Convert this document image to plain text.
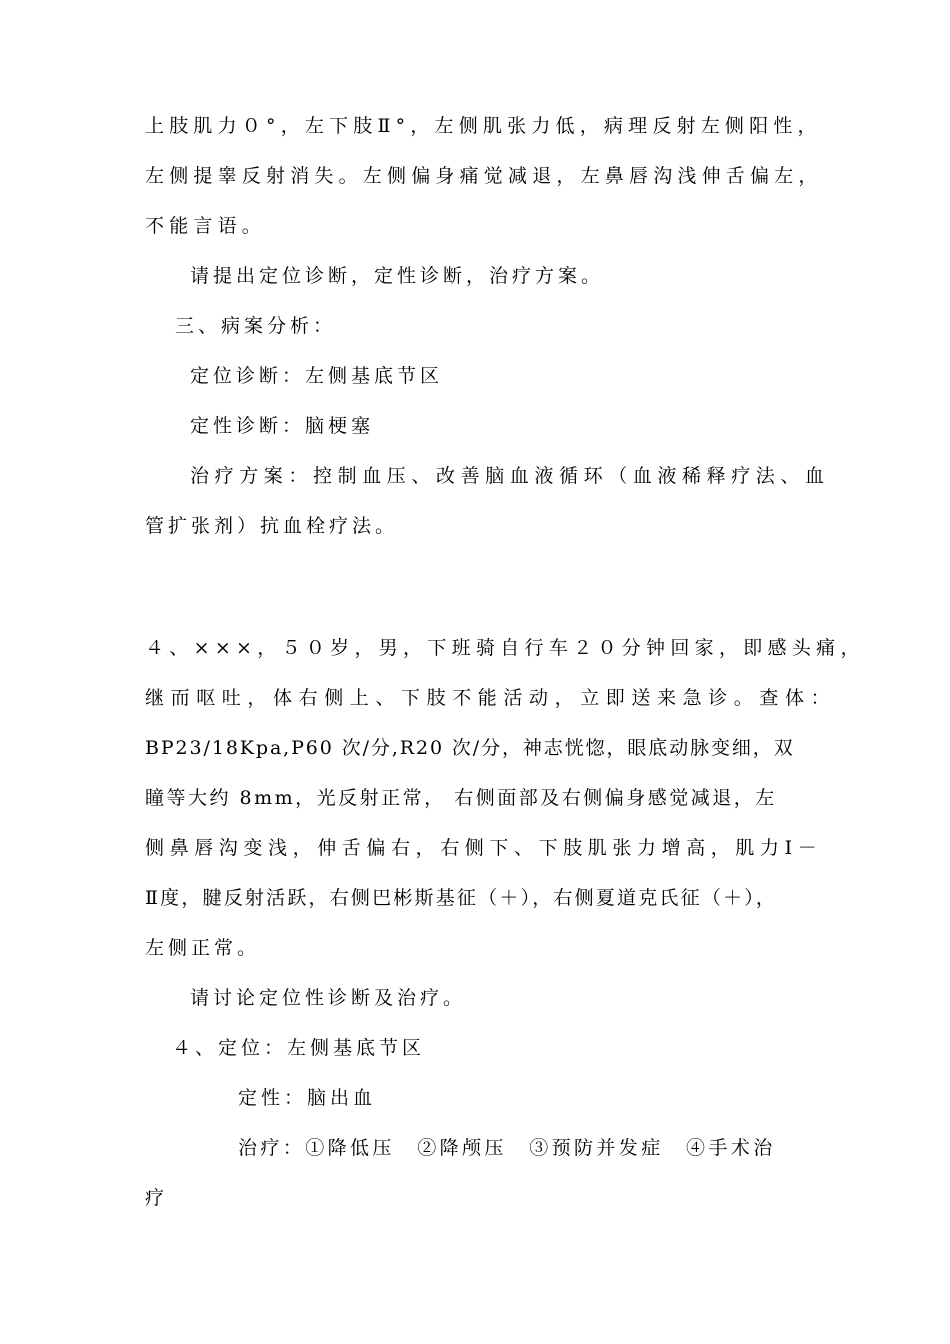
上肢肌力０°，左下肢Ⅱ°，左侧肌张力低，病理反射左侧阳性，
左侧提睾反射消失。左侧偏身痛觉减退，左鼻唇沟浅伸舌偏左，
不能言语。
请提出定位诊断，定性诊断，治疗方案。
三、病案分析：
定位诊断：左侧基底节区
定性诊断：脑梗塞
治疗方案：控制血压、改善脑血液循环（血液稀释疗法、血
管扩张剂）抗血栓疗法。
４、×××，５０岁，男，下班骑自行车２０分钟回家，即感头痛，
继而呕吐，体右侧上、下肢不能活动，立即送来急诊。查体：
BP23/18Kpa,P60 次/分,R20 次/分，神志恍惚，眼底动脉变细，双
瞳等大约 8mm，光反射正常， 右侧面部及右侧偏身感觉减退，左
侧鼻唇沟变浅，伸舌偏右，右侧下、下肢肌张力增高，肌力Ⅰ－
Ⅱ度，腱反射活跃，右侧巴彬斯基征（＋），右侧夏道克氏征（＋），
左侧正常。
请讨论定位性诊断及治疗。
４、定位：左侧基底节区
定性：脑出血
治疗：①降低压　②降颅压　③预防并发症　④手术治
疗
